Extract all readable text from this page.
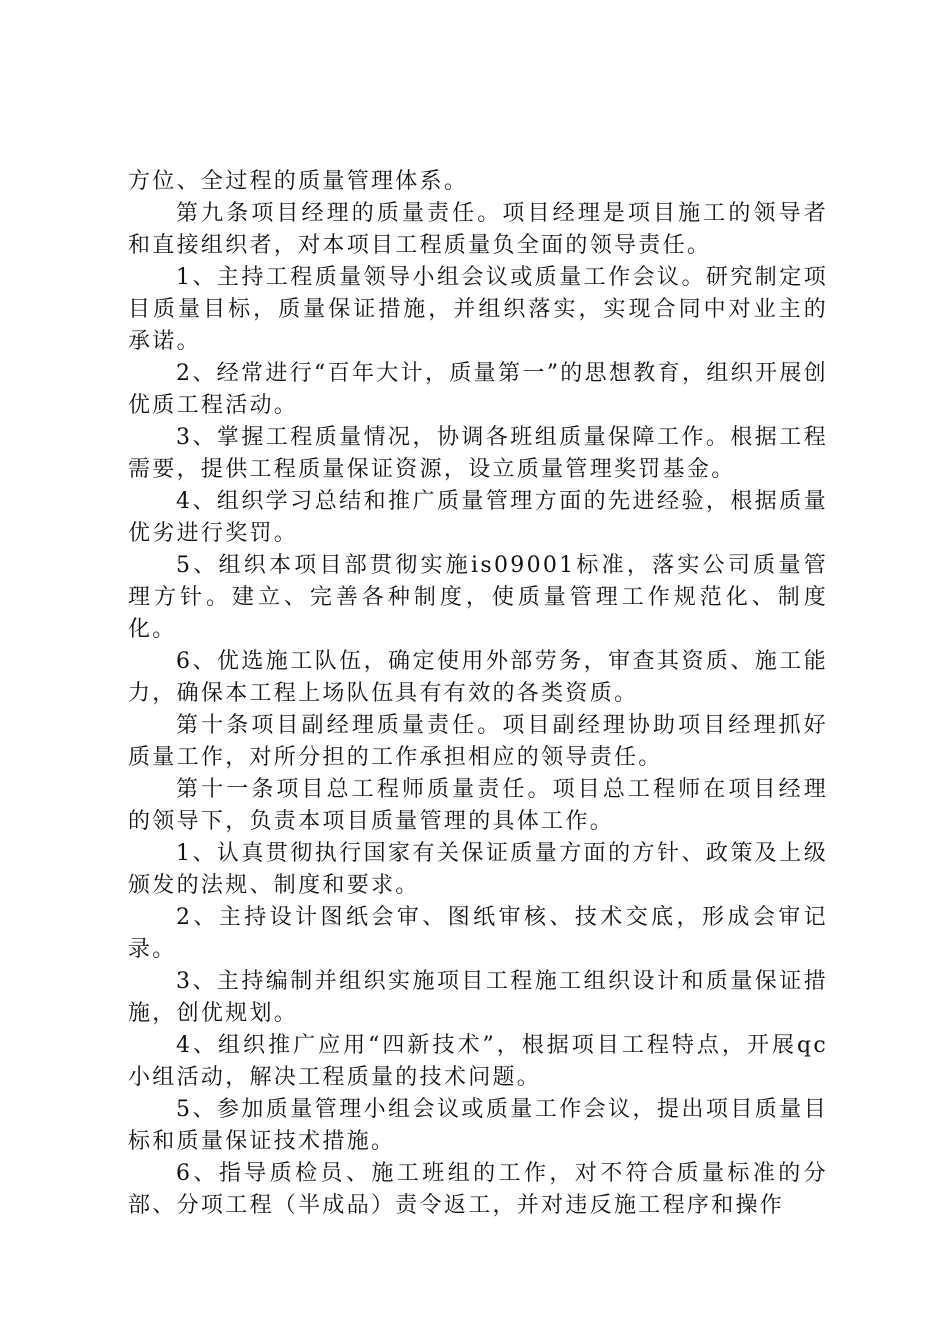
方位、全过程的质量管理体系。

第九条项目经理的质量责任。项目经理是项目施工的领导者和直接组织者，对本项目工程质量负全面的领导责任。

1、主持工程质量领导小组会议或质量工作会议。研究制定项目质量目标，质量保证措施，并组织落实，实现合同中对业主的承诺。

2、经常进行“百年大计，质量第一”的思想教育，组织开展创优质工程活动。

3、掌握工程质量情况，协调各班组质量保障工作。根据工程需要，提供工程质量保证资源，设立质量管理奖罚基金。

4、组织学习总结和推广质量管理方面的先进经验，根据质量优劣进行奖罚。

5、组织本项目部贯彻实施is09001标准，落实公司质量管理方针。建立、完善各种制度，使质量管理工作规范化、制度化。

6、优选施工队伍，确定使用外部劳务，审查其资质、施工能力，确保本工程上场队伍具有有效的各类资质。

第十条项目副经理质量责任。项目副经理协助项目经理抓好质量工作，对所分担的工作承担相应的领导责任。

第十一条项目总工程师质量责任。项目总工程师在项目经理的领导下，负责本项目质量管理的具体工作。

1、认真贯彻执行国家有关保证质量方面的方针、政策及上级颁发的法规、制度和要求。

2、主持设计图纸会审、图纸审核、技术交底，形成会审记录。

3、主持编制并组织实施项目工程施工组织设计和质量保证措施，创优规划。

4、组织推广应用“四新技术”，根据项目工程特点，开展qc小组活动，解决工程质量的技术问题。

5、参加质量管理小组会议或质量工作会议，提出项目质量目标和质量保证技术措施。

6、指导质检员、施工班组的工作，对不符合质量标准的分部、分项工程（半成品）责令返工，并对违反施工程序和操作
